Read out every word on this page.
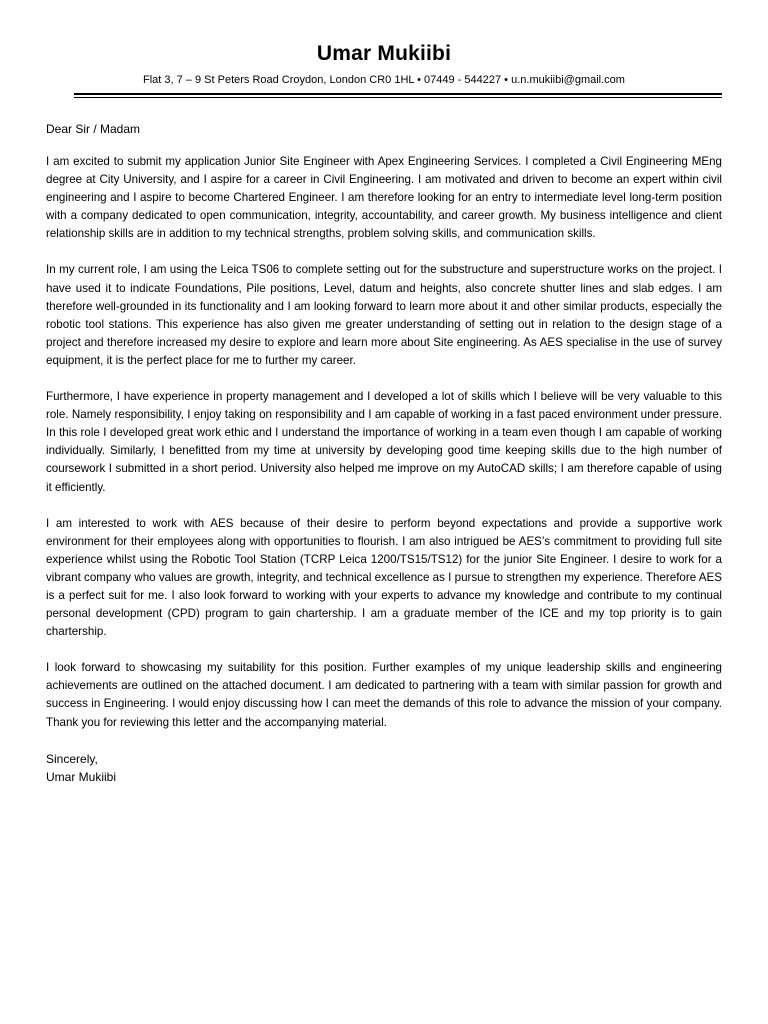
Umar Mukiibi
Flat 3, 7 – 9 St Peters Road Croydon, London CR0 1HL • 07449 - 544227 • u.n.mukiibi@gmail.com

Dear Sir / Madam

I am excited to submit my application Junior Site Engineer with Apex Engineering Services. I completed a Civil Engineering MEng degree at City University, and I aspire for a career in Civil Engineering. I am motivated and driven to become an expert within civil engineering and I aspire to become Chartered Engineer. I am therefore looking for an entry to intermediate level long-term position with a company dedicated to open communication, integrity, accountability, and career growth. My business intelligence and client relationship skills are in addition to my technical strengths, problem solving skills, and communication skills.

In my current role, I am using the Leica TS06 to complete setting out for the substructure and superstructure works on the project. I have used it to indicate Foundations, Pile positions, Level, datum and heights, also concrete shutter lines and slab edges. I am therefore well-grounded in its functionality and I am looking forward to learn more about it and other similar products, especially the robotic tool stations. This experience has also given me greater understanding of setting out in relation to the design stage of a project and therefore increased my desire to explore and learn more about Site engineering. As AES specialise in the use of survey equipment, it is the perfect place for me to further my career.

Furthermore, I have experience in property management and I developed a lot of skills which I believe will be very valuable to this role. Namely responsibility, I enjoy taking on responsibility and I am capable of working in a fast paced environment under pressure. In this role I developed great work ethic and I understand the importance of working in a team even though I am capable of working individually. Similarly, I benefitted from my time at university by developing good time keeping skills due to the high number of coursework I submitted in a short period. University also helped me improve on my AutoCAD skills; I am therefore capable of using it efficiently.

I am interested to work with AES because of their desire to perform beyond expectations and provide a supportive work environment for their employees along with opportunities to flourish. I am also intrigued be AES’s commitment to providing full site experience whilst using the Robotic Tool Station (TCRP Leica 1200/TS15/TS12) for the junior Site Engineer. I desire to work for a vibrant company who values are growth, integrity, and technical excellence as I pursue to strengthen my experience. Therefore AES is a perfect suit for me. I also look forward to working with your experts to advance my knowledge and contribute to my continual personal development (CPD) program to gain chartership. I am a graduate member of the ICE and my top priority is to gain chartership.

I look forward to showcasing my suitability for this position. Further examples of my unique leadership skills and engineering achievements are outlined on the attached document. I am dedicated to partnering with a team with similar passion for growth and success in Engineering. I would enjoy discussing how I can meet the demands of this role to advance the mission of your company. Thank you for reviewing this letter and the accompanying material.

Sincerely,

Umar Mukiibi
